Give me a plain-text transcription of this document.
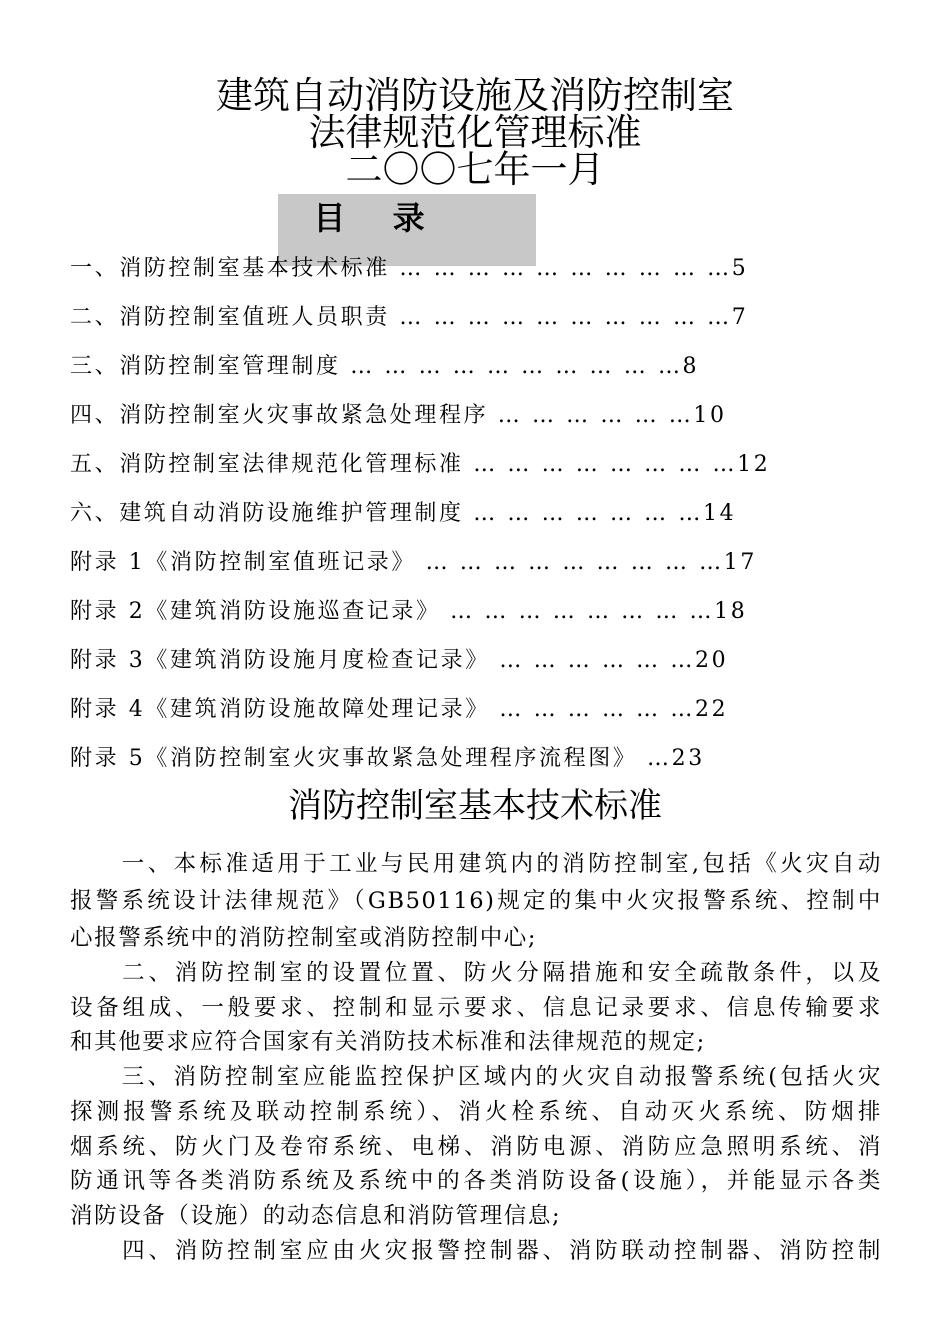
建筑自动消防设施及消防控制室
法律规范化管理标准
二〇〇七年一月
目 录
一、消防控制室基本技术标准 … … … … … … … … … …5
二、消防控制室值班人员职责 … … … … … … … … … …7
三、消防控制室管理制度 … … … … … … … … … …8
四、消防控制室火灾事故紧急处理程序 … … … … … …10
五、消防控制室法律规范化管理标准 … … … … … … … …12
六、建筑自动消防设施维护管理制度 … … … … … … …14
附录 1《消防控制室值班记录》 … … … … … … … … …17
附录 2《建筑消防设施巡查记录》 … … … … … … … …18
附录 3《建筑消防设施月度检查记录》 … … … … … …20
附录 4《建筑消防设施故障处理记录》 … … … … … …22
附录 5《消防控制室火灾事故紧急处理程序流程图》 …23
消防控制室基本技术标准
一、本标准适用于工业与民用建筑内的消防控制室,包括《火灾自动
报警系统设计法律规范》（GB50116)规定的集中火灾报警系统、控制中
心报警系统中的消防控制室或消防控制中心;
二、消防控制室的设置位置、防火分隔措施和安全疏散条件，以及
设备组成、一般要求、控制和显示要求、信息记录要求、信息传输要求
和其他要求应符合国家有关消防技术标准和法律规范的规定;
三、消防控制室应能监控保护区域内的火灾自动报警系统(包括火灾
探测报警系统及联动控制系统）、消火栓系统、自动灭火系统、防烟排
烟系统、防火门及卷帘系统、电梯、消防电源、消防应急照明系统、消
防通讯等各类消防系统及系统中的各类消防设备(设施），并能显示各类
消防设备（设施）的动态信息和消防管理信息;
四、消防控制室应由火灾报警控制器、消防联动控制器、消防控制
